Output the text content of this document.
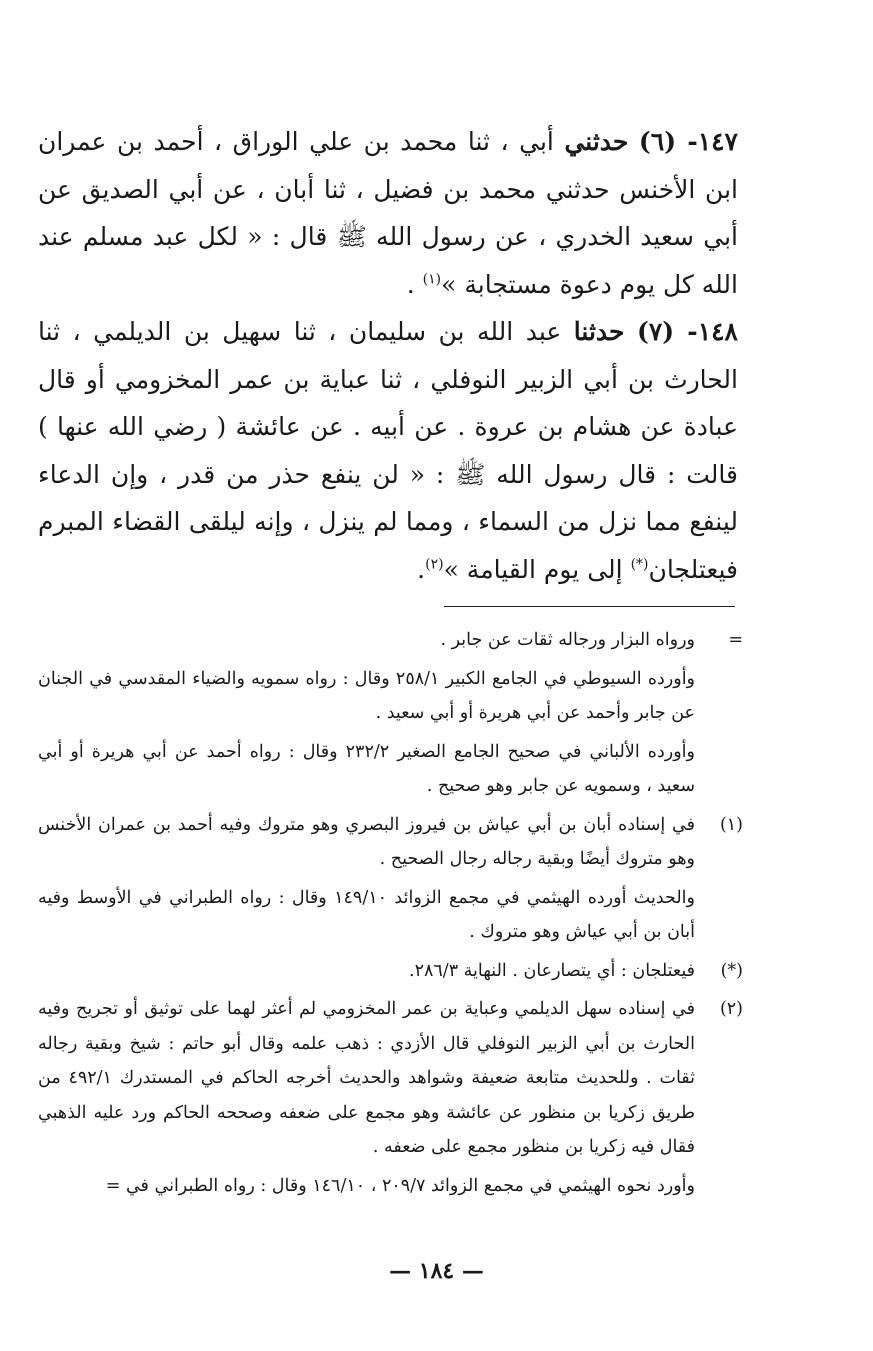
١٤٧- (٦) حدثني أبي ، ثنا محمد بن علي الوراق ، أحمد بن عمران ابن الأخنس حدثني محمد بن فضيل ، ثنا أبان ، عن أبي الصديق عن أبي سعيد الخدري ، عن رسول الله ﷺ قال : « لكل عبد مسلم عند الله كل يوم دعوة مستجابة »$^{(١)}$ .

١٤٨- (٧) حدثنا عبد الله بن سليمان ، ثنا سهيل بن الديلمي ، ثنا الحارث بن أبي الزبير النوفلي ، ثنا عباية بن عمر المخزومي أو قال عبادة عن هشام بن عروة . عن أبيه . عن عائشة ( رضي الله عنها ) قالت : قال رسول الله ﷺ : « لن ينفع حذر من قدر ، وإن الدعاء لينفع مما نزل من السماء ، ومما لم ينزل ، وإنه ليلقى القضاء المبرم فيعتلجان(*) إلى يوم القيامة »$^{(٢)}$.

=

ورواه البزار ورجاله ثقات عن جابر .

وأورده السيوطي في الجامع الكبير ٢٥٨/١ وقال : رواه سمويه والضياء المقدسي في الجنان عن جابر وأحمد عن أبي هريرة أو أبي سعيد .

وأورده الألباني في صحيح الجامع الصغير ٢٣٢/٢ وقال : رواه أحمد عن أبي هريرة أو أبي سعيد ، وسمويه عن جابر وهو صحيح .

(١)

في إسناده أبان بن أبي عياش بن فيروز البصري وهو متروك وفيه أحمد بن عمران الأخنس وهو متروك أيضًا وبقية رجاله رجال الصحيح .

والحديث أورده الهيثمي في مجمع الزوائد ١٤٩/١٠ وقال : رواه الطبراني في الأوسط وفيه أبان بن أبي عياش وهو متروك .

(*)

فيعتلجان : أي يتصارعان . النهاية ٢٨٦/٣.

(٢)

في إسناده سهل الديلمي وعباية بن عمر المخزومي لم أعثر لهما على توثيق أو تجريح وفيه الحارث بن أبي الزبير النوفلي قال الأزدي : ذهب علمه وقال أبو حاتم : شيخ وبقية رجاله ثقات . وللحديث متابعة ضعيفة وشواهد والحديث أخرجه الحاكم في المستدرك ٤٩٢/١ من طريق زكريا بن منظور عن عائشة وهو مجمع على ضعفه وصححه الحاكم ورد عليه الذهبي فقال فيه زكريا بن منظور مجمع على ضعفه .

وأورد نحوه الهيثمي في مجمع الزوائد ٢٠٩/٧ ، ١٤٦/١٠ وقال : رواه الطبراني في =

— ١٨٤ —
